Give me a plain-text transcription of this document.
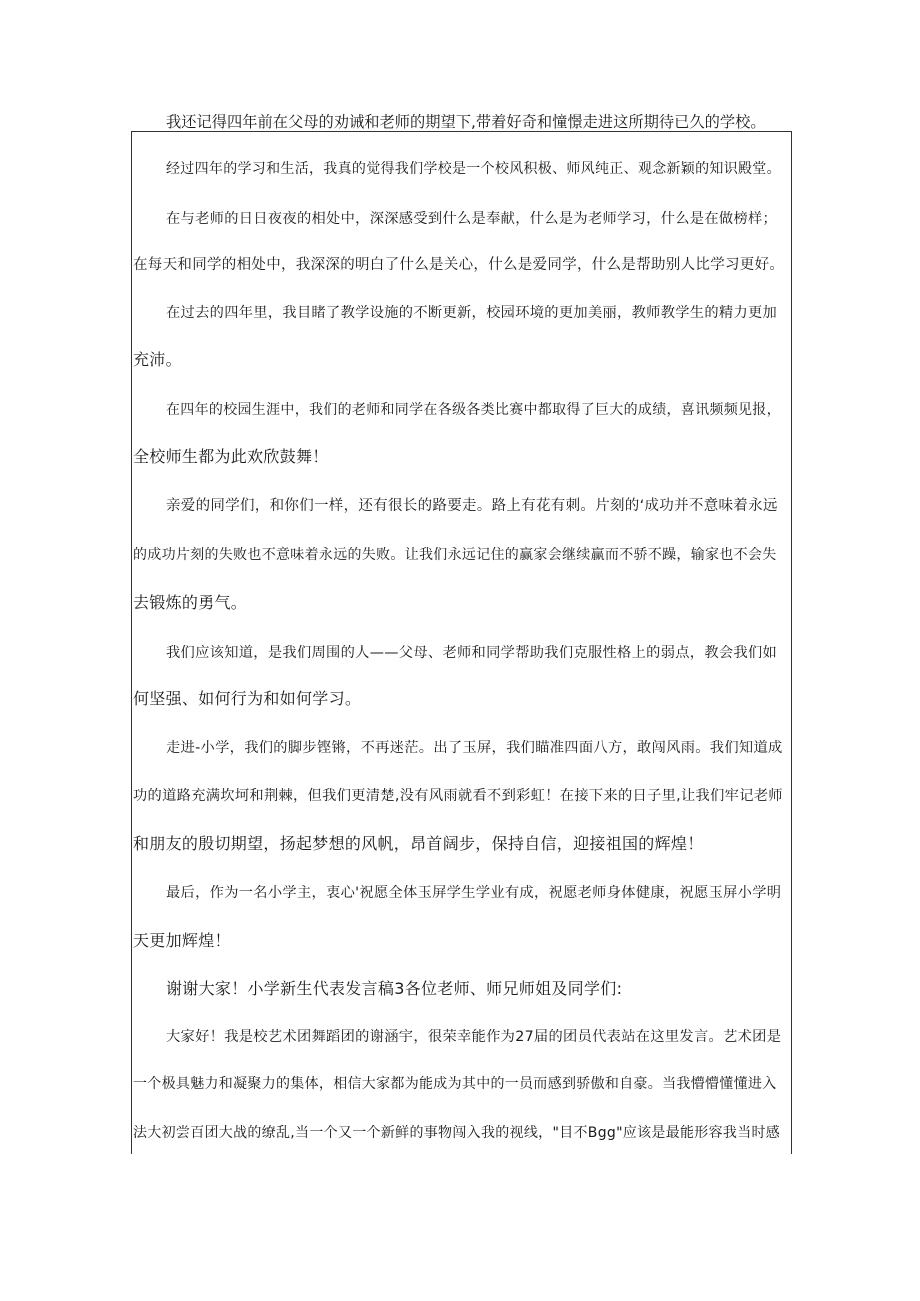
我还记得四年前在父母的劝诫和老师的期望下,带着好奇和憧憬走进这所期待已久的学校。
经过四年的学习和生活，我真的觉得我们学校是一个校风积极、师风纯正、观念新颖的知识殿堂。
在与老师的日日夜夜的相处中，深深感受到什么是奉献，什么是为老师学习，什么是在做榜样；
在每天和同学的相处中，我深深的明白了什么是关心，什么是爱同学，什么是帮助别人比学习更好。
在过去的四年里，我目睹了教学设施的不断更新，校园环境的更加美丽，教师教学生的精力更加
充沛。
在四年的校园生涯中，我们的老师和同学在各级各类比赛中都取得了巨大的成绩，喜讯频频见报，
全校师生都为此欢欣鼓舞！
亲爱的同学们，和你们一样，还有很长的路要走。路上有花有刺。片刻的‘成功并不意味着永远
的成功片刻的失败也不意味着永远的失败。让我们永远记住的赢家会继续赢而不骄不躁，输家也不会失
去锻炼的勇气。
我们应该知道，是我们周围的人——父母、老师和同学帮助我们克服性格上的弱点，教会我们如
何坚强、如何行为和如何学习。
走进-小学，我们的脚步铿锵，不再迷茫。出了玉屏，我们瞄准四面八方，敢闯风雨。我们知道成
功的道路充满坎坷和荆棘，但我们更清楚,没有风雨就看不到彩虹！在接下来的日子里,让我们牢记老师
和朋友的殷切期望，扬起梦想的风帆，昂首阔步，保持自信，迎接祖国的辉煌！
最后，作为一名小学主，衷心'祝愿全体玉屏学生学业有成，祝愿老师身体健康，祝愿玉屏小学明
天更加辉煌！
谢谢大家！小学新生代表发言稿3各位老师、师兄师姐及同学们:
大家好！我是校艺术团舞蹈团的谢涵宇，很荣幸能作为27届的团员代表站在这里发言。艺术团是
一个极具魅力和凝聚力的集体，相信大家都为能成为其中的一员而感到骄傲和自豪。当我懵懵懂懂进入
法大初尝百团大战的缭乱,当一个又一个新鲜的事物闯入我的视线，"目不Bgg"应该是最能形容我当时感
